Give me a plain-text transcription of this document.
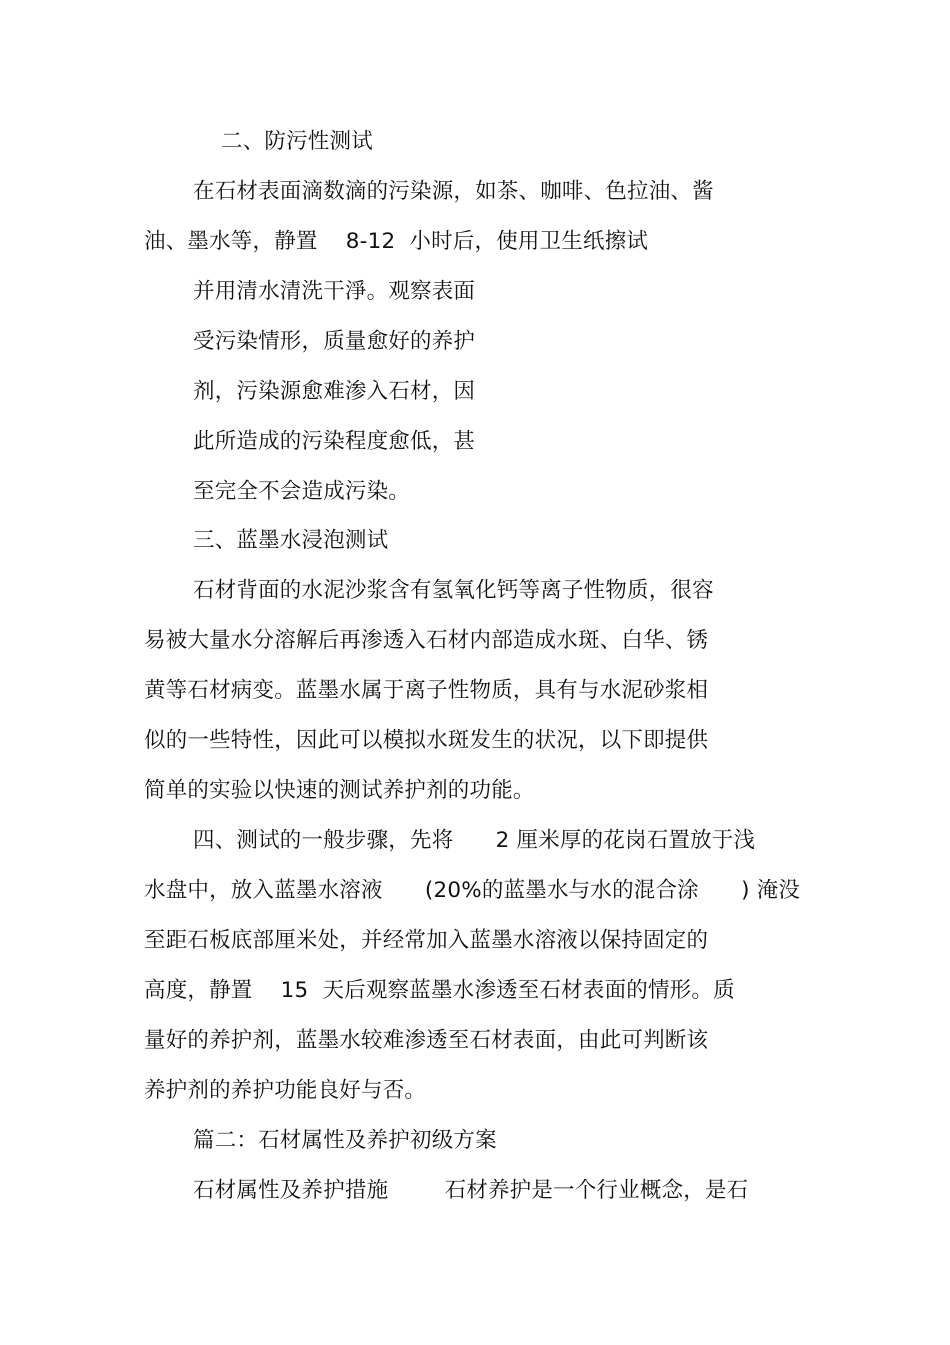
二、防污性测试
在石材表面滴数滴的污染源，如茶、咖啡、色拉油、酱
油、墨水等，静置    8-12  小时后，使用卫生纸擦试
并用清水清洗干淨。观察表面
受污染情形，质量愈好的养护
剂，污染源愈难渗入石材，因
此所造成的污染程度愈低，甚
至完全不会造成污染。
三、蓝墨水浸泡测试
石材背面的水泥沙浆含有氢氧化钙等离子性物质，很容
易被大量水分溶解后再渗透入石材内部造成水斑、白华、锈
黄等石材病变。蓝墨水属于离子性物质，具有与水泥砂浆相
似的一些特性，因此可以模拟水斑发生的状况，以下即提供
简单的实验以快速的测试养护剂的功能。
四、测试的一般步骤，先将      2 厘米厚的花岗石置放于浅
水盘中，放入蓝墨水溶液      (20%的蓝墨水与水的混合涂      ) 淹没
至距石板底部厘米处，并经常加入蓝墨水溶液以保持固定的
高度，静置    15  天后观察蓝墨水渗透至石材表面的情形。质
量好的养护剂，蓝墨水较难渗透至石材表面，由此可判断该
养护剂的养护功能良好与否。
篇二：石材属性及养护初级方案
石材属性及养护措施        石材养护是一个行业概念，是石
